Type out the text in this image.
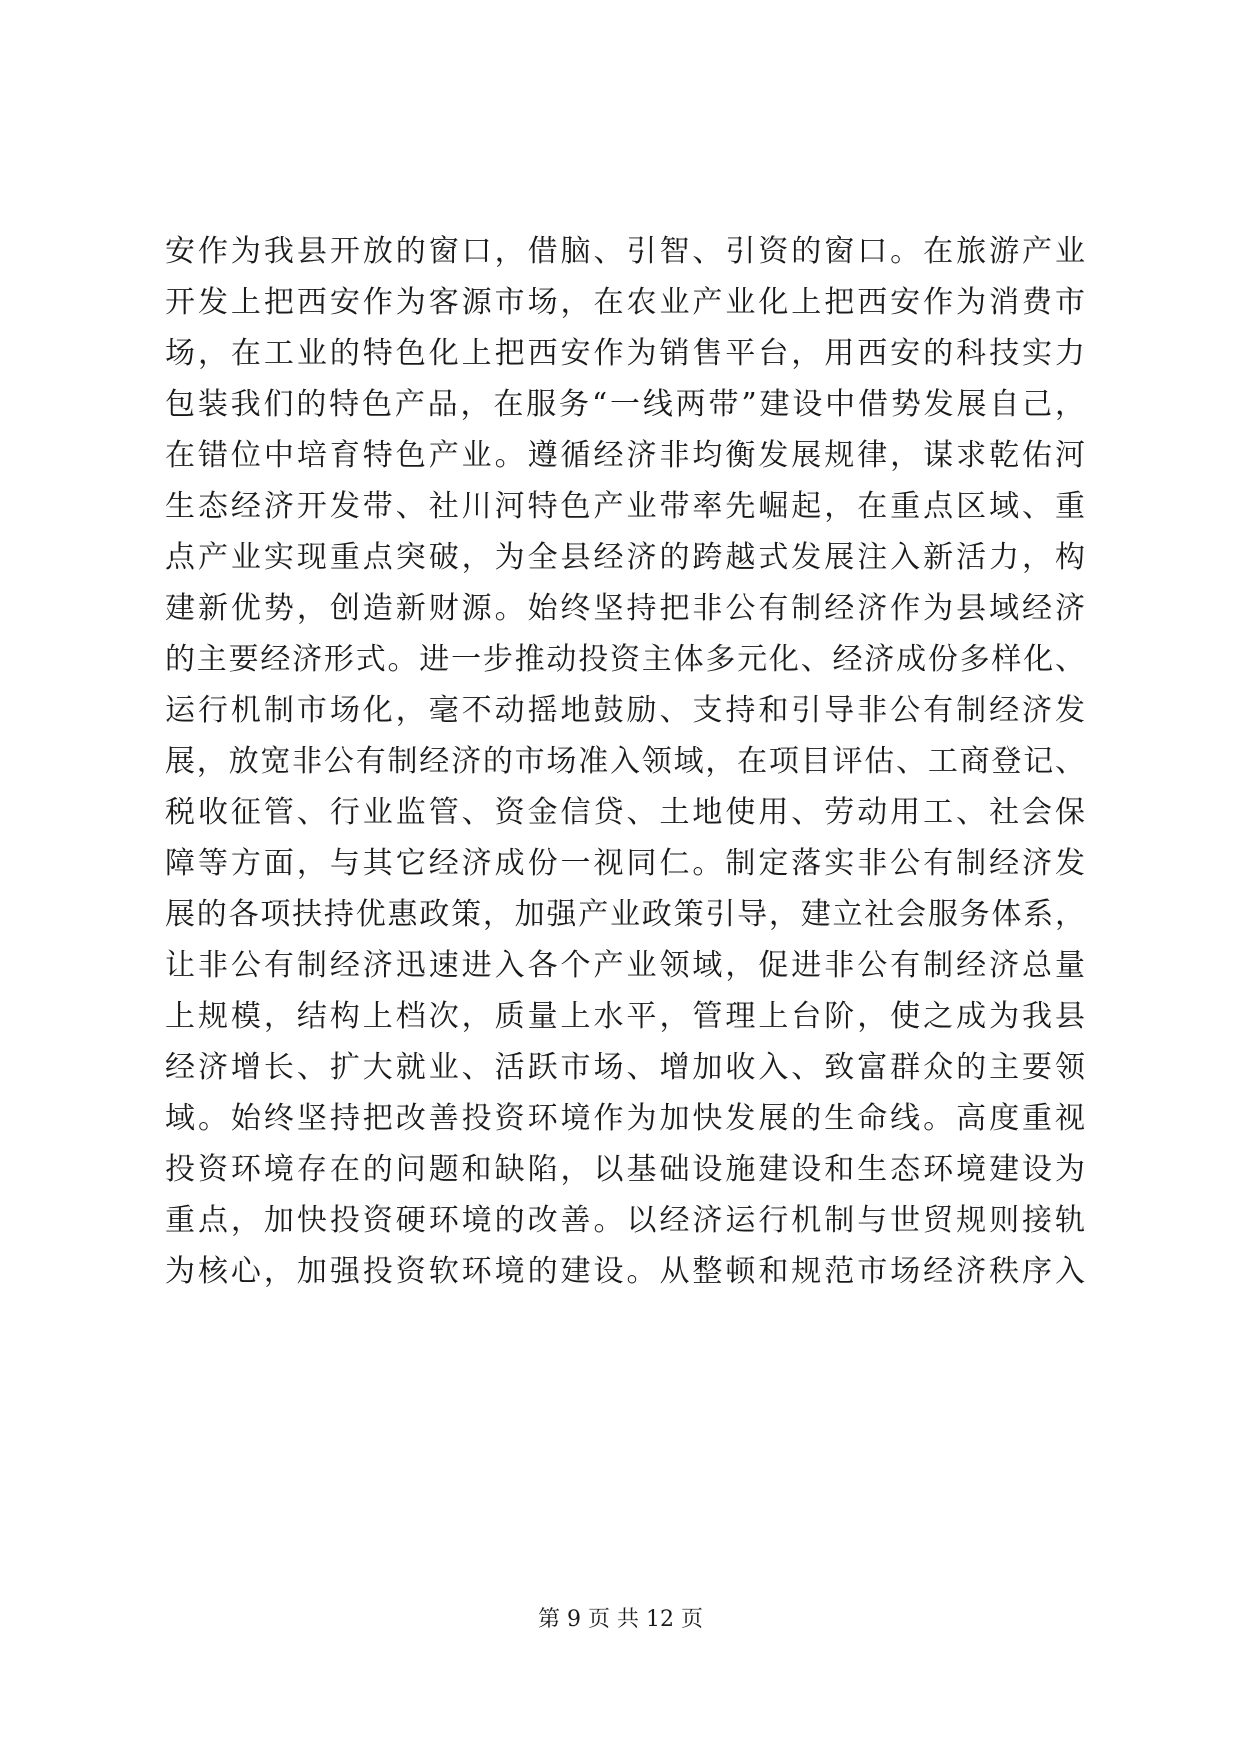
安作为我县开放的窗口，借脑、引智、引资的窗口。在旅游产业
开发上把西安作为客源市场，在农业产业化上把西安作为消费市
场，在工业的特色化上把西安作为销售平台，用西安的科技实力
包装我们的特色产品，在服务“一线两带”建设中借势发展自己，
在错位中培育特色产业。遵循经济非均衡发展规律，谋求乾佑河
生态经济开发带、社川河特色产业带率先崛起，在重点区域、重
点产业实现重点突破，为全县经济的跨越式发展注入新活力，构
建新优势，创造新财源。始终坚持把非公有制经济作为县域经济
的主要经济形式。进一步推动投资主体多元化、经济成份多样化、
运行机制市场化，毫不动摇地鼓励、支持和引导非公有制经济发
展，放宽非公有制经济的市场准入领域，在项目评估、工商登记、
税收征管、行业监管、资金信贷、土地使用、劳动用工、社会保
障等方面，与其它经济成份一视同仁。制定落实非公有制经济发
展的各项扶持优惠政策，加强产业政策引导，建立社会服务体系，
让非公有制经济迅速进入各个产业领域，促进非公有制经济总量
上规模，结构上档次，质量上水平，管理上台阶，使之成为我县
经济增长、扩大就业、活跃市场、增加收入、致富群众的主要领
域。始终坚持把改善投资环境作为加快发展的生命线。高度重视
投资环境存在的问题和缺陷，以基础设施建设和生态环境建设为
重点，加快投资硬环境的改善。以经济运行机制与世贸规则接轨
为核心，加强投资软环境的建设。从整顿和规范市场经济秩序入
第 9 页 共 12 页
